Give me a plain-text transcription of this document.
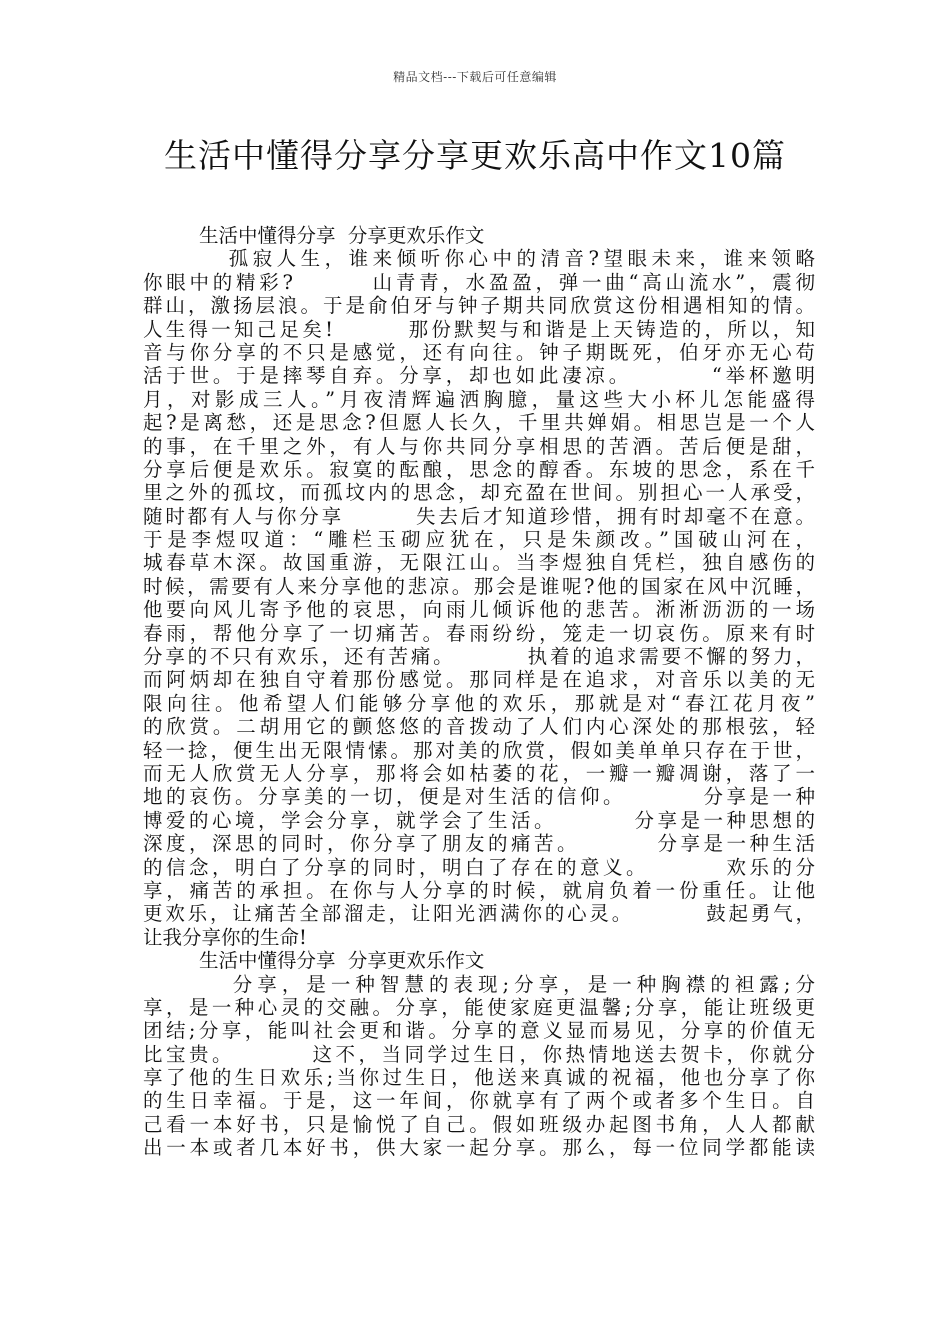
精品文档---下载后可任意编辑
生活中懂得分享分享更欢乐高中作文10篇
生活中懂得分享  分享更欢乐作文
孤寂人生，谁来倾听你心中的清音?望眼未来，谁来领略
你眼中的精彩?        山青青，水盈盈，弹一曲“高山流水”，震彻
群山，激扬层浪。于是俞伯牙与钟子期共同欣赏这份相遇相知的情。
人生得一知己足矣!        那份默契与和谐是上天铸造的，所以，知
音与你分享的不只是感觉，还有向往。钟子期既死，伯牙亦无心苟
活于世。于是摔琴自弃。分享，却也如此凄凉。        “举杯邀明
月，对影成三人。”月夜清辉遍洒胸臆，量这些大小杯儿怎能盛得
起?是离愁，还是思念?但愿人长久，千里共婵娟。相思岂是一个人
的事，在千里之外，有人与你共同分享相思的苦酒。苦后便是甜，
分享后便是欢乐。寂寞的酝酿，思念的醇香。东坡的思念，系在千
里之外的孤坟，而孤坟内的思念，却充盈在世间。别担心一人承受，
随时都有人与你分享        失去后才知道珍惜，拥有时却毫不在意。
于是李煜叹道：“雕栏玉砌应犹在，只是朱颜改。”国破山河在，
城春草木深。故国重游，无限江山。当李煜独自凭栏，独自感伤的
时候，需要有人来分享他的悲凉。那会是谁呢?他的国家在风中沉睡，
他要向风儿寄予他的哀思，向雨儿倾诉他的悲苦。淅淅沥沥的一场
春雨，帮他分享了一切痛苦。春雨纷纷，笼走一切哀伤。原来有时
分享的不只有欢乐，还有苦痛。        执着的追求需要不懈的努力，
而阿炳却在独自守着那份感觉。那同样是在追求，对音乐以美的无
限向往。他希望人们能够分享他的欢乐，那就是对“春江花月夜”
的欣赏。二胡用它的颤悠悠的音拨动了人们内心深处的那根弦，轻
轻一捻，便生出无限情愫。那对美的欣赏，假如美单单只存在于世，
而无人欣赏无人分享，那将会如枯萎的花，一瓣一瓣凋谢，落了一
地的哀伤。分享美的一切，便是对生活的信仰。        分享是一种
博爱的心境，学会分享，就学会了生活。        分享是一种思想的
深度，深思的同时，你分享了朋友的痛苦。        分享是一种生活
的信念，明白了分享的同时，明白了存在的意义。        欢乐的分
享，痛苦的承担。在你与人分享的时候，就肩负着一份重任。让他
更欢乐，让痛苦全部溜走，让阳光洒满你的心灵。        鼓起勇气，
让我分享你的生命!
生活中懂得分享  分享更欢乐作文
分享，是一种智慧的表现;分享，是一种胸襟的袒露;分
享，是一种心灵的交融。分享，能使家庭更温馨;分享，能让班级更
团结;分享，能叫社会更和谐。分享的意义显而易见，分享的价值无
比宝贵。        这不，当同学过生日，你热情地送去贺卡，你就分
享了他的生日欢乐;当你过生日，他送来真诚的祝福，他也分享了你
的生日幸福。于是，这一年间，你就享有了两个或者多个生日。自
己看一本好书，只是愉悦了自己。假如班级办起图书角，人人都献
出一本或者几本好书，供大家一起分享。那么，每一位同学都能读
